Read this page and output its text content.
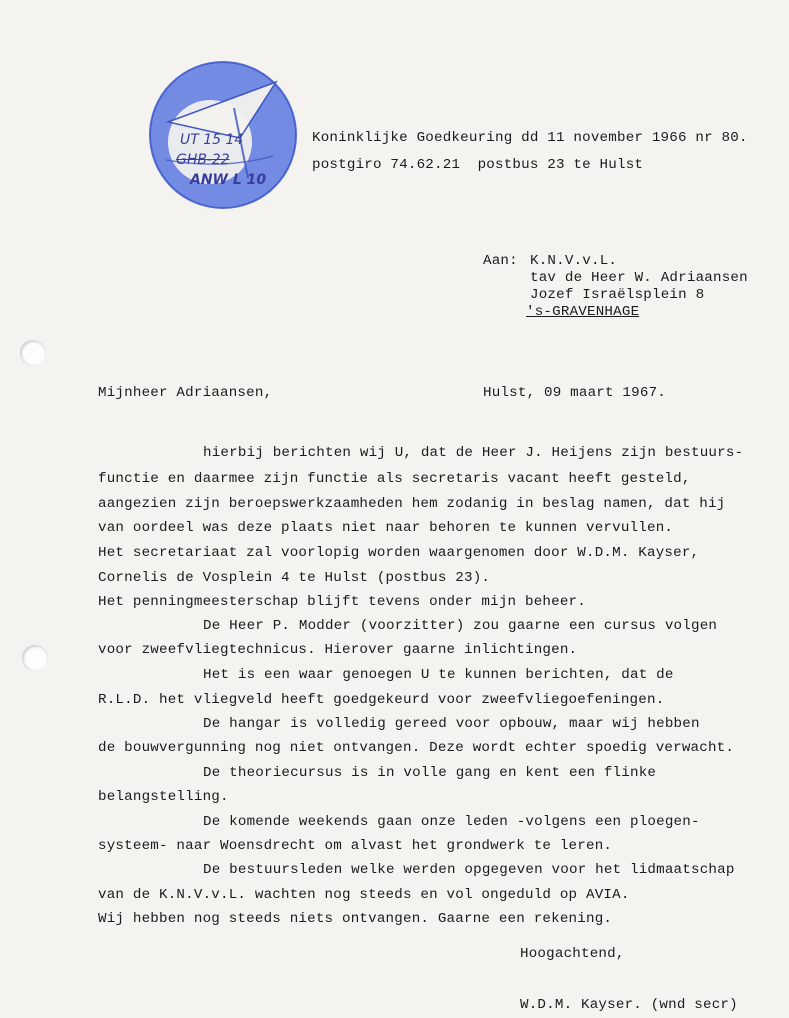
UT 15 14
GHB-22
ANW L 10
Koninklijke Goedkeuring dd 11 november 1966 nr 80.
postgiro 74.62.21  postbus 23 te Hulst
Aan: K.N.V.v.L.
tav de Heer W. Adriaansen
Jozef Israëlsplein 8
's-GRAVENHAGE
Mijnheer Adriaansen,	Hulst, 09 maart 1967.
hierbij berichten wij U, dat de Heer J. Heijens zijn bestuurs-
functie en daarmee zijn functie als secretaris vacant heeft gesteld,
aangezien zijn beroepswerkzaamheden hem zodanig in beslag namen, dat hij
van oordeel was deze plaats niet naar behoren te kunnen vervullen.
Het secretariaat zal voorlopig worden waargenomen door W.D.M. Kayser,
Cornelis de Vosplein 4 te Hulst (postbus 23).
Het penningmeesterschap blijft tevens onder mijn beheer.
De Heer P. Modder (voorzitter) zou gaarne een cursus volgen
voor zweefvliegtechnicus. Hierover gaarne inlichtingen.
Het is een waar genoegen U te kunnen berichten, dat de
R.L.D. het vliegveld heeft goedgekeurd voor zweefvliegoefeningen.
De hangar is volledig gereed voor opbouw, maar wij hebben
de bouwvergunning nog niet ontvangen. Deze wordt echter spoedig verwacht.
De theoriecursus is in volle gang en kent een flinke
belangstelling.
De komende weekends gaan onze leden -volgens een ploegen-
systeem- naar Woensdrecht om alvast het grondwerk te leren.
De bestuursleden welke werden opgegeven voor het lidmaatschap
van de K.N.V.v.L. wachten nog steeds en vol ongeduld op AVIA.
Wij hebben nog steeds niets ontvangen. Gaarne een rekening.
Hoogachtend,
W.D.M. Kayser. (wnd secr)
